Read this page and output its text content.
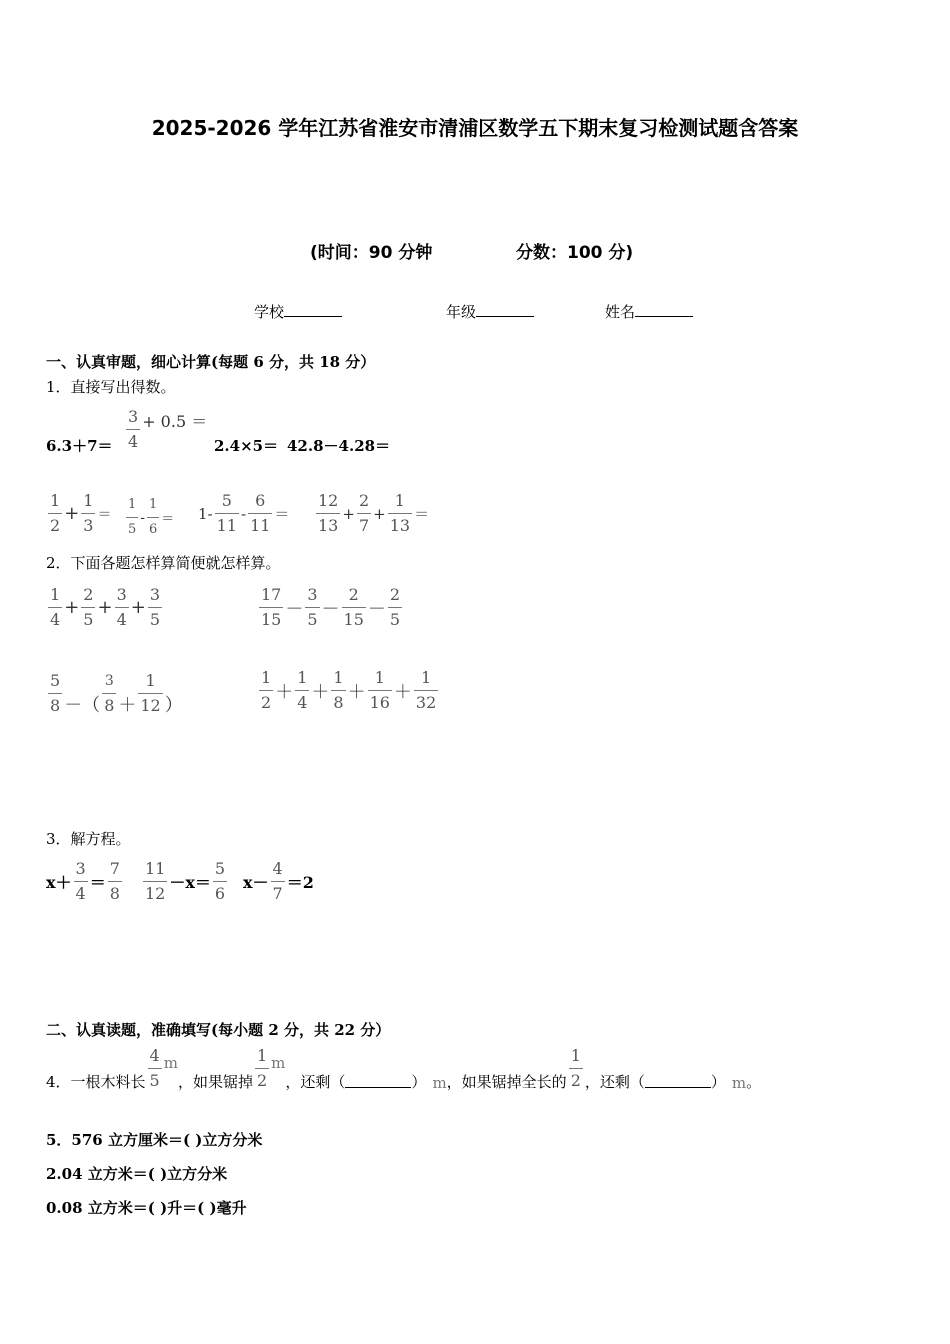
2025-2026 学年江苏省淮安市清浦区数学五下期末复习检测试题含答案
(时间：90 分钟	分数：100 分)
学校	年级	姓名
一、认真审题，细心计算(每题 6 分，共 18 分）
1．直接写出得数。
$6.3+7= \frac{3}{4} + 0.5$ ＝
2.4×5＝ 42.8－4.28＝
$\frac{1}{2} + \frac{1}{3} = \frac{1}{5} - \frac{1}{6} = 1- \frac{5}{11} - \frac{6}{11} = \frac{12}{13} + \frac{2}{7} + \frac{1}{13}$ ＝
2．下面各题怎样算简便就怎样算。
$\frac{1}{4} + \frac{2}{5} + \frac{3}{4} + \frac{3}{5}$	$\frac{17}{15} - \frac{3}{5} - \frac{2}{15} - \frac{2}{5}$
$\frac{5}{8}$ －（ $\frac{3}{8} + \frac{1}{12}$ ）	$\frac{1}{2} + \frac{1}{4} + \frac{1}{8} + \frac{1}{16} + \frac{1}{32}$
3．解方程。
$x+ \frac{3}{4} = \frac{7}{8} \frac{11}{12} -x= \frac{5}{6} x- \frac{4}{7} =2$
二、认真读题，准确填写(每小题 2 分，共 22 分）
4．一根木料长 $\frac{4}{5}$ m
，如果锯掉 $\frac{1}{2}$ m
，还剩（	） m ，如果锯掉全长的 $\frac{1}{2}$ ，还剩（	） m 。
5．576 立方厘米＝( )立方分米
2.04 立方米＝( )立方分米
0.08 立方米＝( )升＝( )毫升
